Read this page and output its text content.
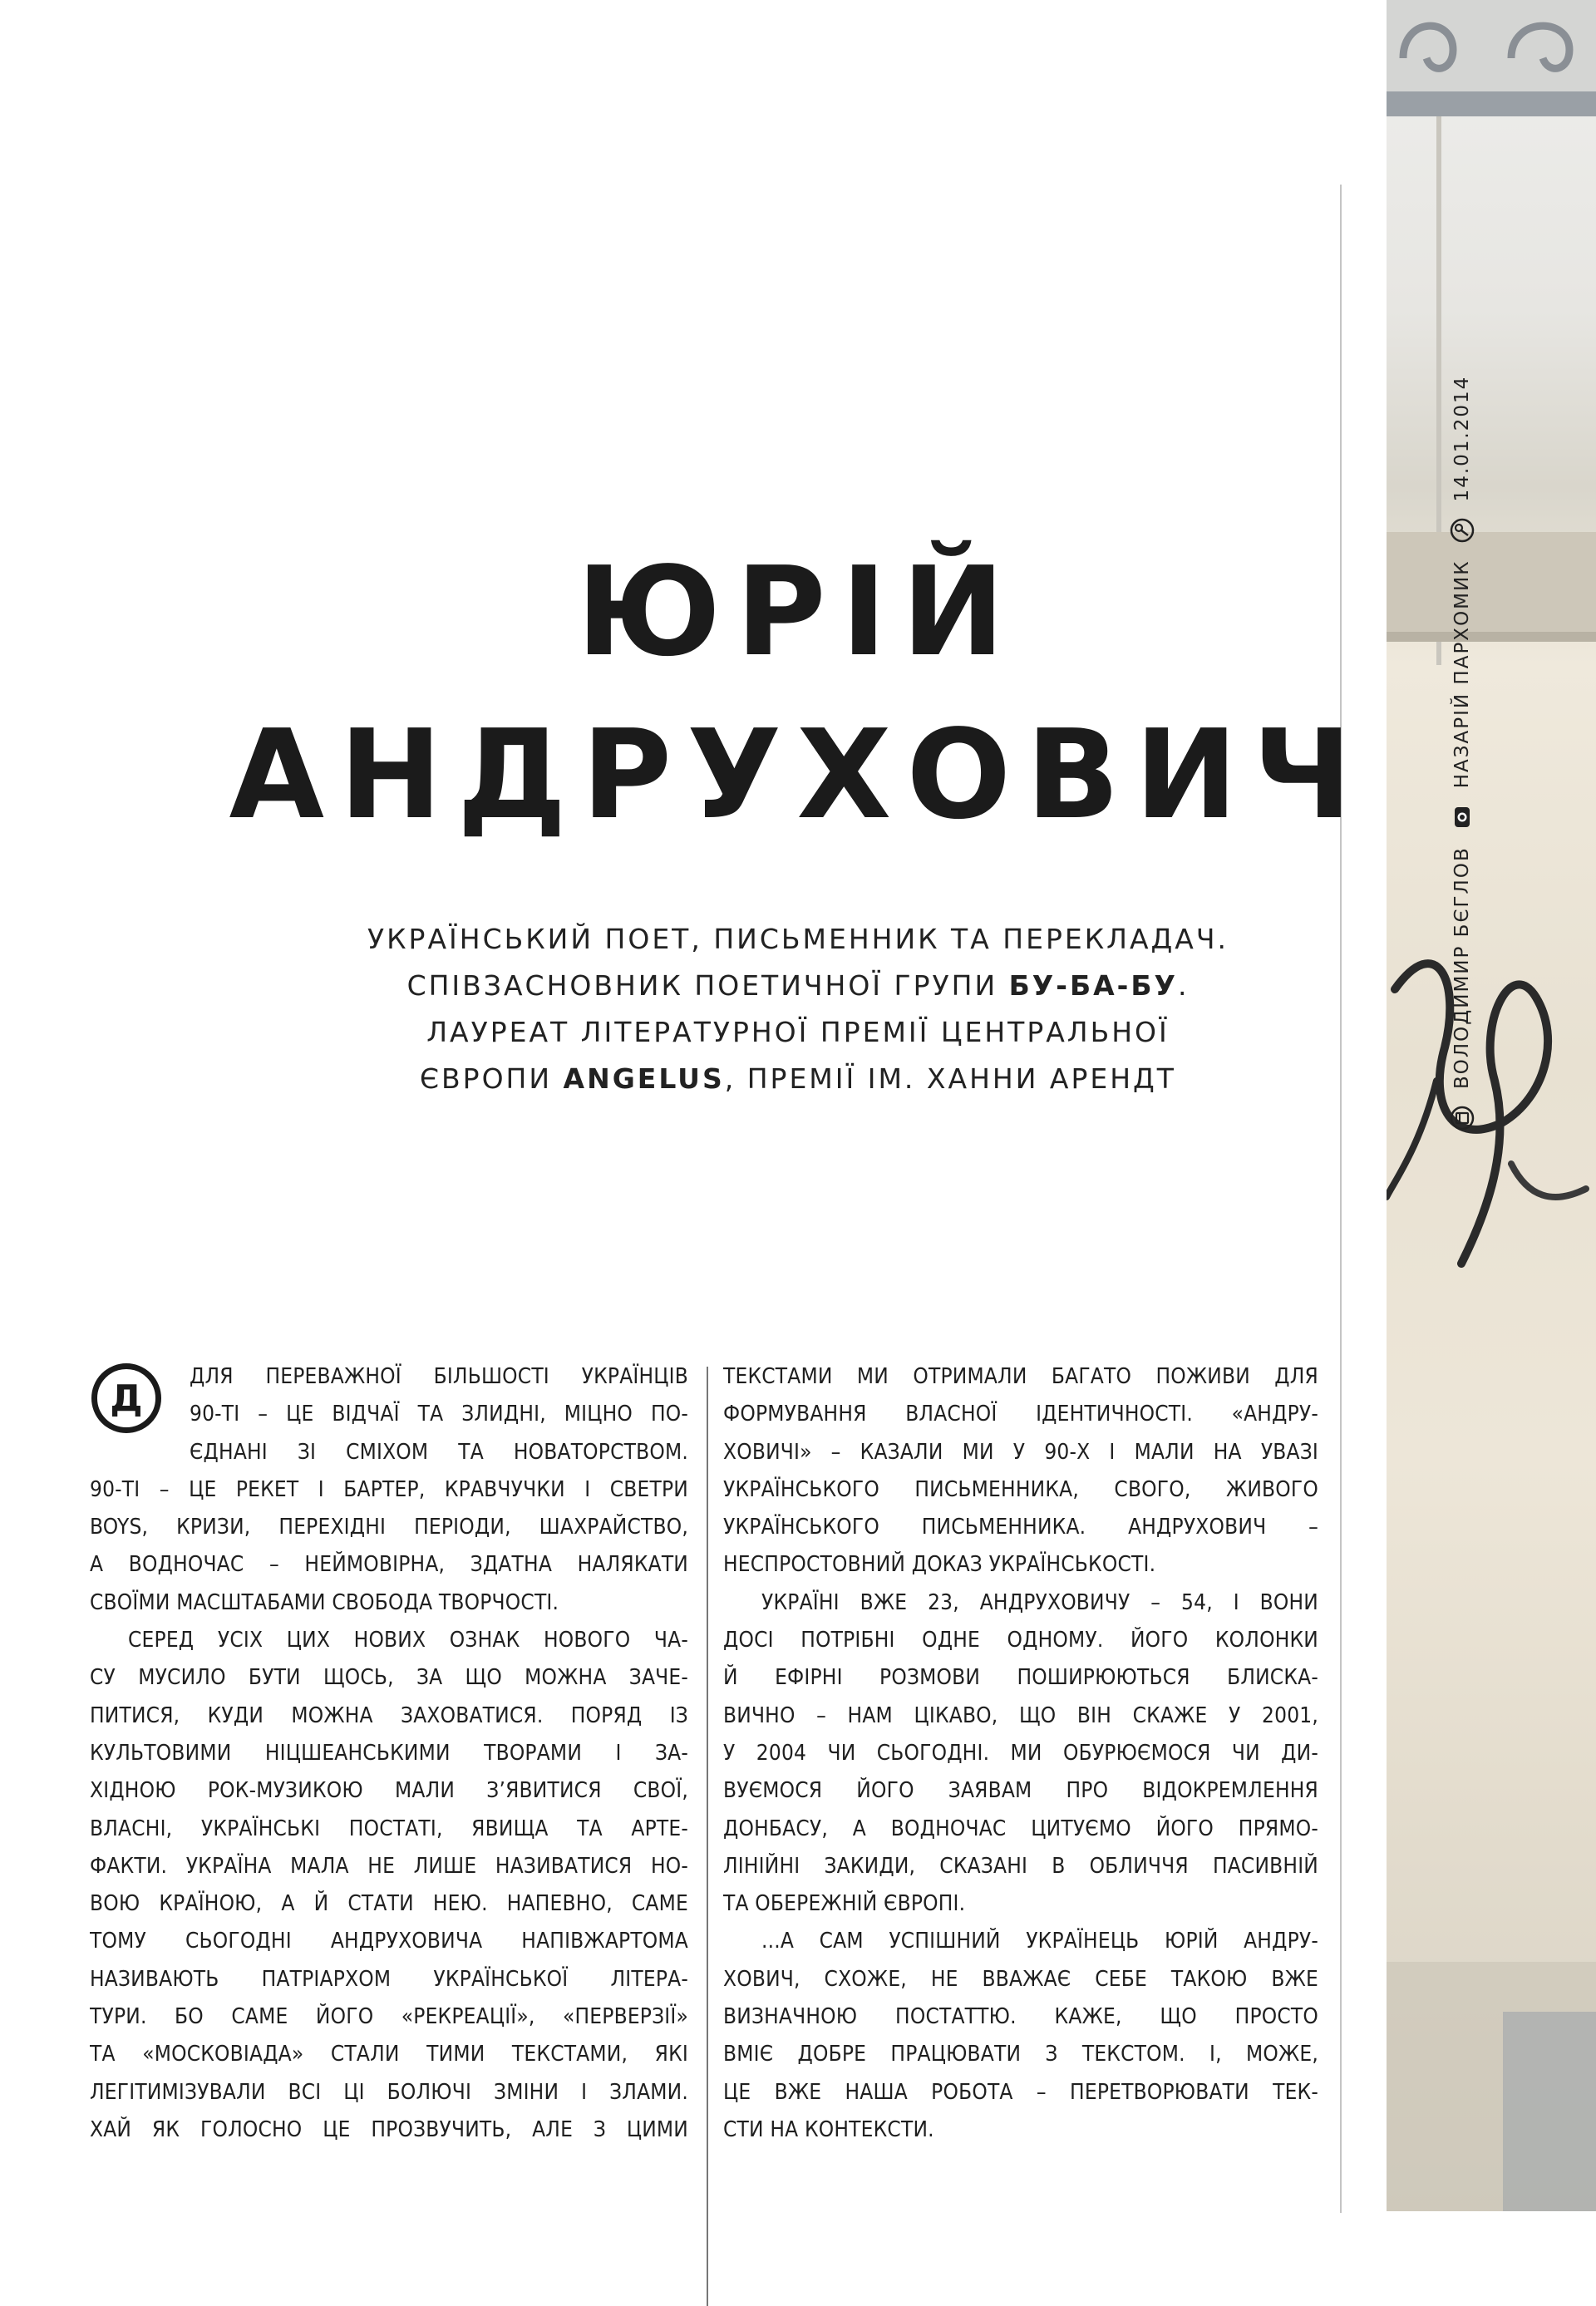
ВОЛОДИМИР БЄГЛОВ
НАЗАРІЙ ПАРХОМИК
14.01.2014
ЮРІЙ
АНДРУХОВИЧ
УКРАЇНСЬКИЙ ПОЕТ, ПИСЬМЕННИК ТА ПЕРЕКЛАДАЧ.
СПІВЗАСНОВНИК ПОЕТИЧНОЇ ГРУПИ БУ-БА-БУ.
ЛАУРЕАТ ЛІТЕРАТУРНОЇ ПРЕМІЇ ЦЕНТРАЛЬНОЇ
ЄВРОПИ ANGELUS, ПРЕМІЇ ІМ. ХАННИ АРЕНДТ
Д
ДЛЯ ПЕРЕВАЖНОЇ БІЛЬШОСТІ УКРАЇНЦІВ
90-ТІ – ЦЕ ВІДЧАЇ ТА ЗЛИДНІ, МІЦНО ПО-
ЄДНАНІ ЗІ СМІХОМ ТА НОВАТОРСТВОМ.
90-ТІ – ЦЕ РЕКЕТ І БАРТЕР, КРАВЧУЧКИ І СВЕТРИ
BOYS, КРИЗИ, ПЕРЕХІДНІ ПЕРІОДИ, ШАХРАЙСТВО,
А ВОДНОЧАС – НЕЙМОВІРНА, ЗДАТНА НАЛЯКАТИ
СВОЇМИ МАСШТАБАМИ СВОБОДА ТВОРЧОСТІ.
СЕРЕД УСІХ ЦИХ НОВИХ ОЗНАК НОВОГО ЧА-
СУ МУСИЛО БУТИ ЩОСЬ, ЗА ЩО МОЖНА ЗАЧЕ-
ПИТИСЯ, КУДИ МОЖНА ЗАХОВАТИСЯ. ПОРЯД ІЗ
КУЛЬТОВИМИ НІЦШЕАНСЬКИМИ ТВОРАМИ І ЗА-
ХІДНОЮ РОК-МУЗИКОЮ МАЛИ З’ЯВИТИСЯ СВОЇ,
ВЛАСНІ, УКРАЇНСЬКІ ПОСТАТІ, ЯВИЩА ТА АРТЕ-
ФАКТИ. УКРАЇНА МАЛА НЕ ЛИШЕ НАЗИВАТИСЯ НО-
ВОЮ КРАЇНОЮ, А Й СТАТИ НЕЮ. НАПЕВНО, САМЕ
ТОМУ СЬОГОДНІ АНДРУХОВИЧА НАПІВЖАРТОМА
НАЗИВАЮТЬ ПАТРІАРХОМ УКРАЇНСЬКОЇ ЛІТЕРА-
ТУРИ. БО САМЕ ЙОГО «РЕКРЕАЦІЇ», «ПЕРВЕРЗІЇ»
ТА «МОСКОВІАДА» СТАЛИ ТИМИ ТЕКСТАМИ, ЯКІ
ЛЕГІТИМІЗУВАЛИ ВСІ ЦІ БОЛЮЧІ ЗМІНИ І ЗЛАМИ.
ХАЙ ЯК ГОЛОСНО ЦЕ ПРОЗВУЧИТЬ, АЛЕ З ЦИМИ
ТЕКСТАМИ МИ ОТРИМАЛИ БАГАТО ПОЖИВИ ДЛЯ
ФОРМУВАННЯ ВЛАСНОЇ ІДЕНТИЧНОСТІ. «АНДРУ-
ХОВИЧІ» – КАЗАЛИ МИ У 90-Х І МАЛИ НА УВАЗІ
УКРАЇНСЬКОГО ПИСЬМЕННИКА, СВОГО, ЖИВОГО
УКРАЇНСЬКОГО ПИСЬМЕННИКА. АНДРУХОВИЧ –
НЕСПРОСТОВНИЙ ДОКАЗ УКРАЇНСЬКОСТІ.
УКРАЇНІ ВЖЕ 23, АНДРУХОВИЧУ – 54, І ВОНИ
ДОСІ ПОТРІБНІ ОДНЕ ОДНОМУ. ЙОГО КОЛОНКИ
Й ЕФІРНІ РОЗМОВИ ПОШИРЮЮТЬСЯ БЛИСКА-
ВИЧНО – НАМ ЦІКАВО, ЩО ВІН СКАЖЕ У 2001,
У 2004 ЧИ СЬОГОДНІ. МИ ОБУРЮЄМОСЯ ЧИ ДИ-
ВУЄМОСЯ ЙОГО ЗАЯВАМ ПРО ВІДОКРЕМЛЕННЯ
ДОНБАСУ, А ВОДНОЧАС ЦИТУЄМО ЙОГО ПРЯМО-
ЛІНІЙНІ ЗАКИДИ, СКАЗАНІ В ОБЛИЧЧЯ ПАСИВНІЙ
ТА ОБЕРЕЖНІЙ ЄВРОПІ.
...А САМ УСПІШНИЙ УКРАЇНЕЦЬ ЮРІЙ АНДРУ-
ХОВИЧ, СХОЖЕ, НЕ ВВАЖАЄ СЕБЕ ТАКОЮ ВЖЕ
ВИЗНАЧНОЮ ПОСТАТТЮ. КАЖЕ, ЩО ПРОСТО
ВМІЄ ДОБРЕ ПРАЦЮВАТИ З ТЕКСТОМ. І, МОЖЕ,
ЦЕ ВЖЕ НАША РОБОТА – ПЕРЕТВОРЮВАТИ ТЕК-
СТИ НА КОНТЕКСТИ.
